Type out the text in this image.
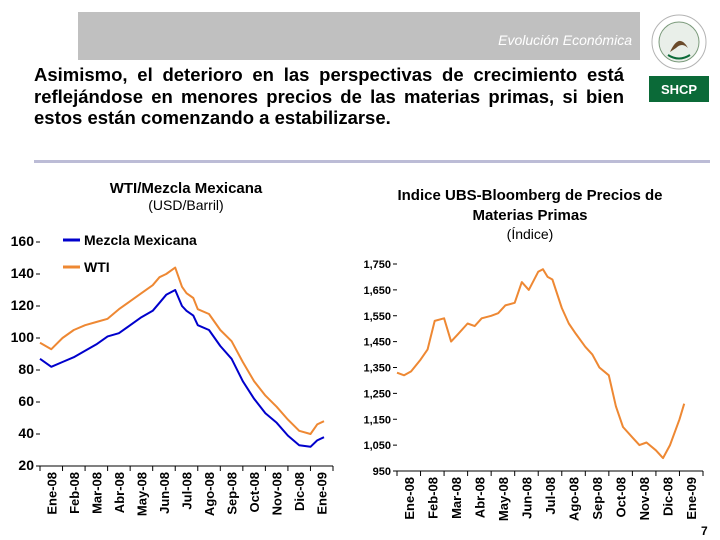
Evolución Económica
SHCP
Asimismo, el deterioro en las perspectivas de crecimiento está reflejándose en menores precios de las materias primas, si bien estos están comenzando a estabilizarse.
WTI/Mezcla Mexicana
(USD/Barril)
Indice UBS-Bloomberg de Precios de Materias Primas
(Índice)
20
40
60
80
100
120
140
160
Ene-08 Feb-08 Mar-08 Abr-08 May-08 Jun-08 Jul-08 Ago-08 Sep-08 Oct-08 Nov-08 Dic-08 Ene-09
Mezcla Mexicana
WTI
950
1,050
1,150
1,250
1,350
1,450
1,550
1,650
1,750
Ene-08 Feb-08 Mar-08 Abr-08 May-08 Jun-08 Jul-08 Ago-08 Sep-08 Oct-08 Nov-08 Dic-08 Ene-09
7
